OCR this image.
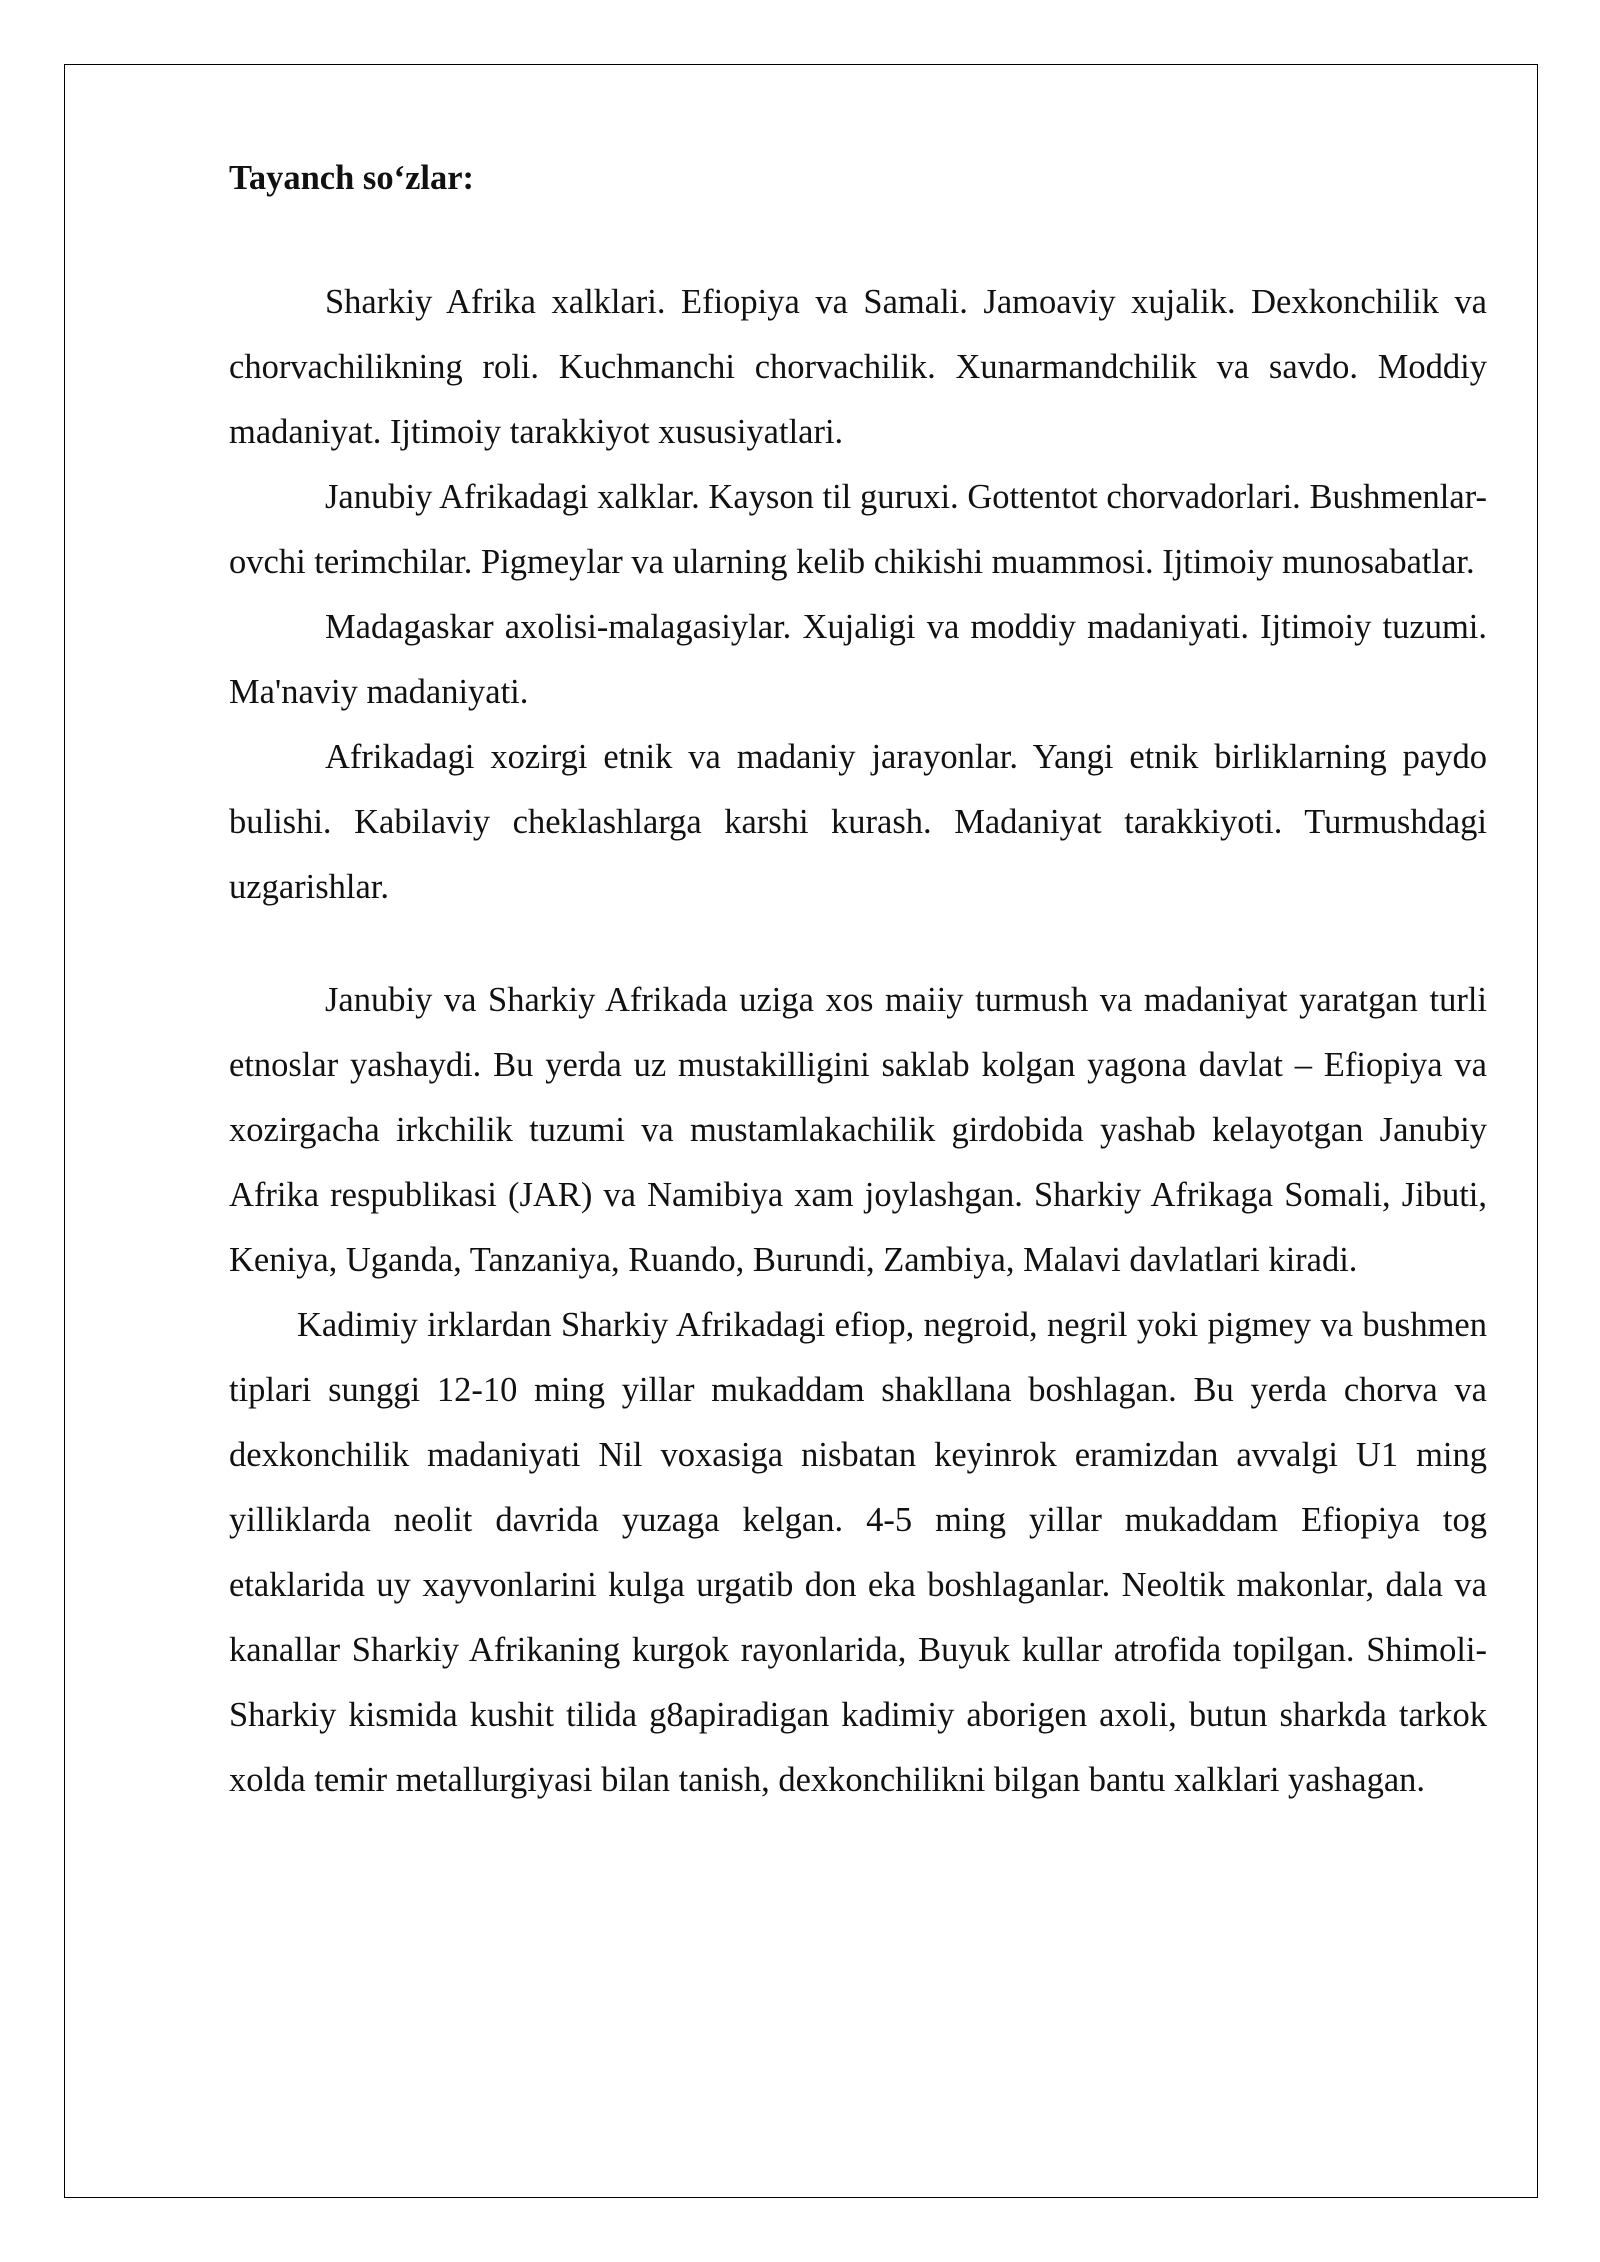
Tayanch so‘zlar:

Sharkiy Afrika xalklari. Efiopiya va Samali. Jamoaviy xujalik. Dexkonchilik va chorvachilikning roli. Kuchmanchi chorvachilik. Xunarmandchilik va savdo. Moddiy madaniyat. Ijtimoiy tarakkiyot xususiyatlari.

Janubiy Afrikadagi xalklar. Kayson til guruxi. Gottentot chorvadorlari. Bushmenlar-ovchi terimchilar. Pigmeylar va ularning kelib chikishi muammosi. Ijtimoiy munosabatlar.

Madagaskar axolisi-malagasiylar. Xujaligi va moddiy madaniyati. Ijtimoiy tuzumi. Ma'naviy madaniyati.

Afrikadagi xozirgi etnik va madaniy jarayonlar. Yangi etnik birliklarning paydo bulishi. Kabilaviy cheklashlarga karshi kurash. Madaniyat tarakkiyoti. Turmushdagi uzgarishlar.

Janubiy va Sharkiy Afrikada uziga xos maiiy turmush va madaniyat yaratgan turli etnoslar yashaydi. Bu yerda uz mustakilligini saklab kolgan yagona davlat – Efiopiya va xozirgacha irkchilik tuzumi va mustamlakachilik girdobida yashab kelayotgan Janubiy Afrika respublikasi (JAR) va Namibiya xam joylashgan. Sharkiy Afrikaga Somali, Jibuti, Keniya, Uganda, Tanzaniya, Ruando, Burundi, Zambiya, Malavi davlatlari kiradi.

Kadimiy irklardan Sharkiy Afrikadagi efiop, negroid, negril yoki pigmey va bushmen tiplari sunggi 12-10 ming yillar mukaddam shakllana boshlagan. Bu yerda chorva va dexkonchilik madaniyati Nil voxasiga nisbatan keyinrok eramizdan avvalgi U1 ming yilliklarda neolit davrida yuzaga kelgan. 4-5 ming yillar mukaddam Efiopiya tog etaklarida uy xayvonlarini kulga urgatib don eka boshlaganlar. Neoltik makonlar, dala va kanallar Sharkiy Afrikaning kurgok rayonlarida, Buyuk kullar atrofida topilgan. Shimoli-Sharkiy kismida kushit tilida g8apiradigan kadimiy aborigen axoli, butun sharkda tarkok xolda temir metallurgiyasi bilan tanish, dexkonchilikni bilgan bantu xalklari yashagan.
